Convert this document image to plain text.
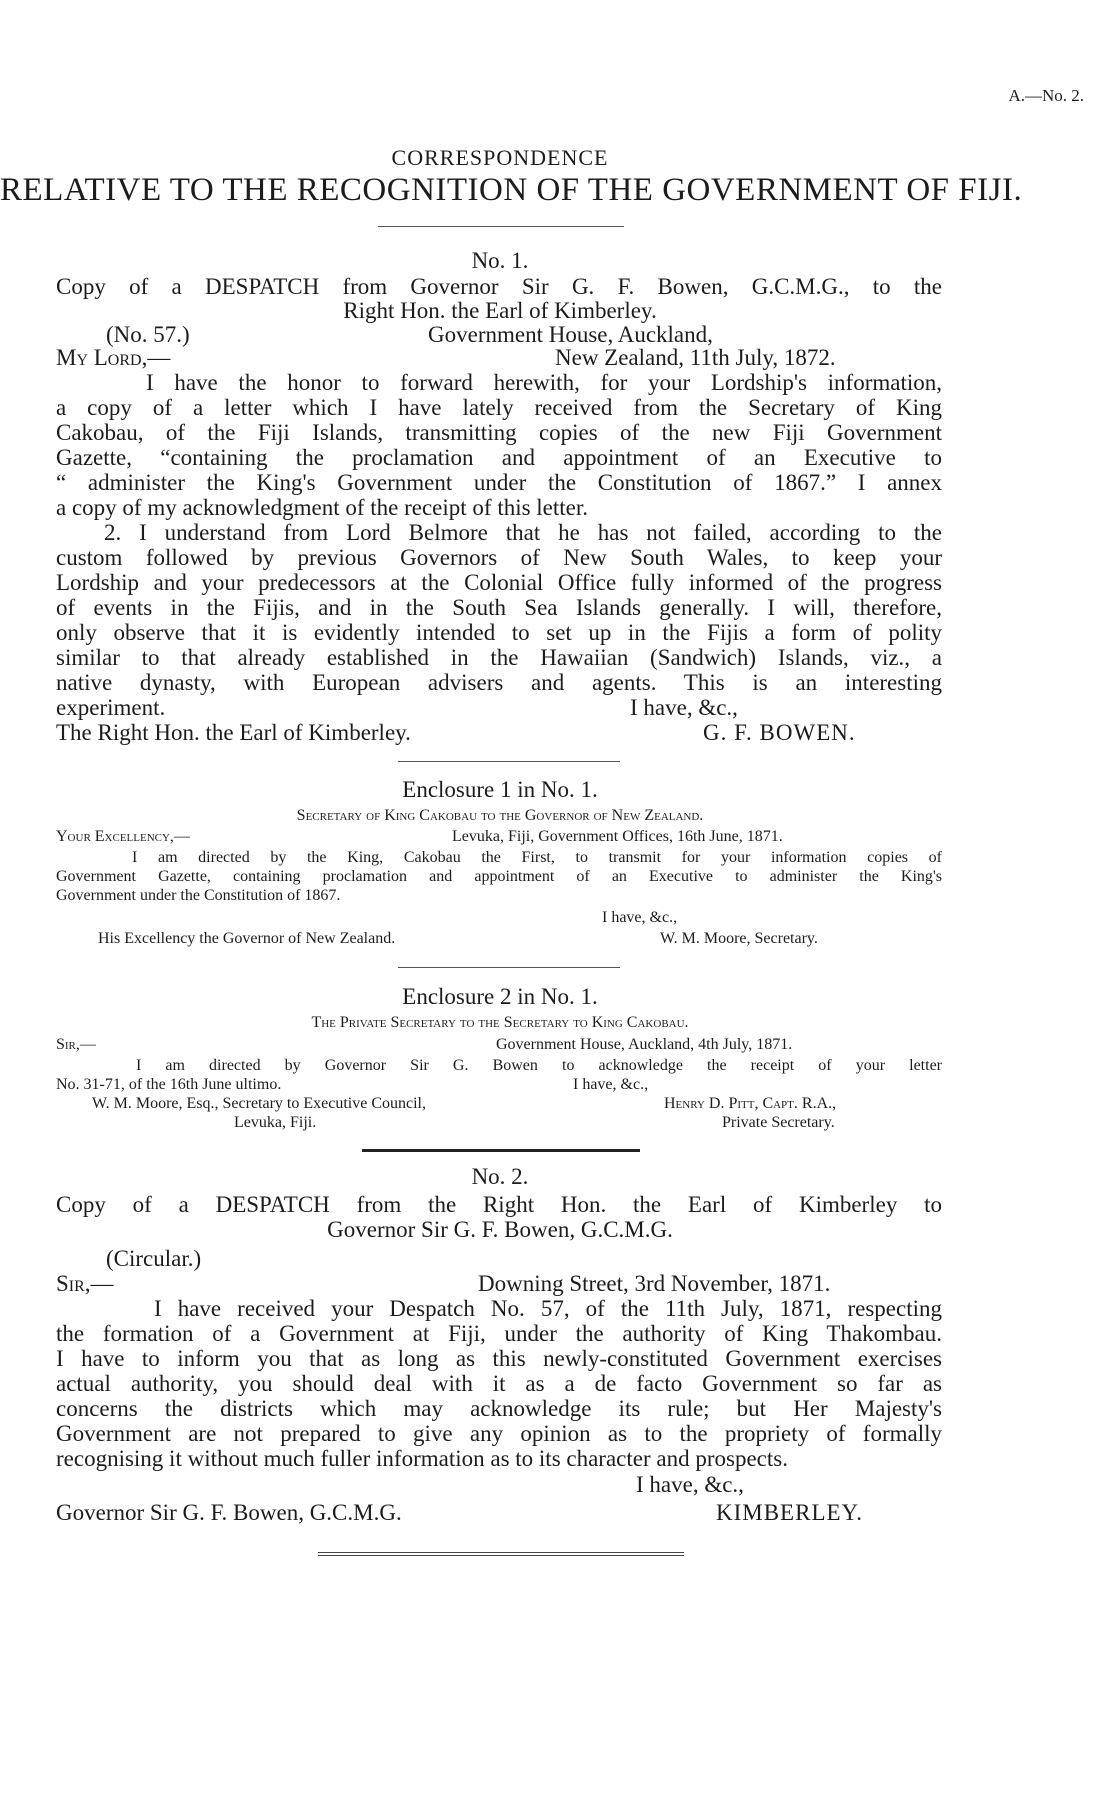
A.—No. 2.
CORRESPONDENCE
RELATIVE TO THE RECOGNITION OF THE GOVERNMENT OF FIJI.
No. 1.
Copy of a DESPATCH from Governor Sir G. F. Bowen, G.C.M.G., to the
Right Hon. the Earl of Kimberley.
(No. 57.)	Government House, Auckland,
My Lord,—	New Zealand, 11th July, 1872.
I have the honor to forward herewith, for your Lordship's information,
a copy of a letter which I have lately received from the Secretary of King
Cakobau, of the Fiji Islands, transmitting copies of the new Fiji Government
Gazette, “containing the proclamation and appointment of an Executive to
“ administer the King's Government under the Constitution of 1867.” I annex
a copy of my acknowledgment of the receipt of this letter.
2. I understand from Lord Belmore that he has not failed, according to the
custom followed by previous Governors of New South Wales, to keep your
Lordship and your predecessors at the Colonial Office fully informed of the progress
of events in the Fijis, and in the South Sea Islands generally. I will, therefore,
only observe that it is evidently intended to set up in the Fijis a form of polity
similar to that already established in the Hawaiian (Sandwich) Islands, viz., a
native dynasty, with European advisers and agents. This is an interesting
experiment.	I have, &c.,
The Right Hon. the Earl of Kimberley.	G. F. BOWEN.
Enclosure 1 in No. 1.
Secretary of King Cakobau to the Governor of New Zealand.
Your Excellency,—	Levuka, Fiji, Government Offices, 16th June, 1871.
I am directed by the King, Cakobau the First, to transmit for your information copies of
Government Gazette, containing proclamation and appointment of an Executive to administer the King's
Government under the Constitution of 1867.
I have, &c.,
His Excellency the Governor of New Zealand.	W. M. Moore, Secretary.
Enclosure 2 in No. 1.
The Private Secretary to the Secretary to King Cakobau.
Sir,—	Government House, Auckland, 4th July, 1871.
I am directed by Governor Sir G. Bowen to acknowledge the receipt of your letter
No. 31-71, of the 16th June ultimo.	I have, &c.,
W. M. Moore, Esq., Secretary to Executive Council,	Henry D. Pitt, Capt. R.A.,
Levuka, Fiji.	Private Secretary.
No. 2.
Copy of a DESPATCH from the Right Hon. the Earl of Kimberley to
Governor Sir G. F. Bowen, G.C.M.G.
(Circular.)
Sir,—	Downing Street, 3rd November, 1871.
I have received your Despatch No. 57, of the 11th July, 1871, respecting
the formation of a Government at Fiji, under the authority of King Thakombau.
I have to inform you that as long as this newly-constituted Government exercises
actual authority, you should deal with it as a de facto Government so far as
concerns the districts which may acknowledge its rule; but Her Majesty's
Government are not prepared to give any opinion as to the propriety of formally
recognising it without much fuller information as to its character and prospects.
I have, &c.,
Governor Sir G. F. Bowen, G.C.M.G.	KIMBERLEY.
